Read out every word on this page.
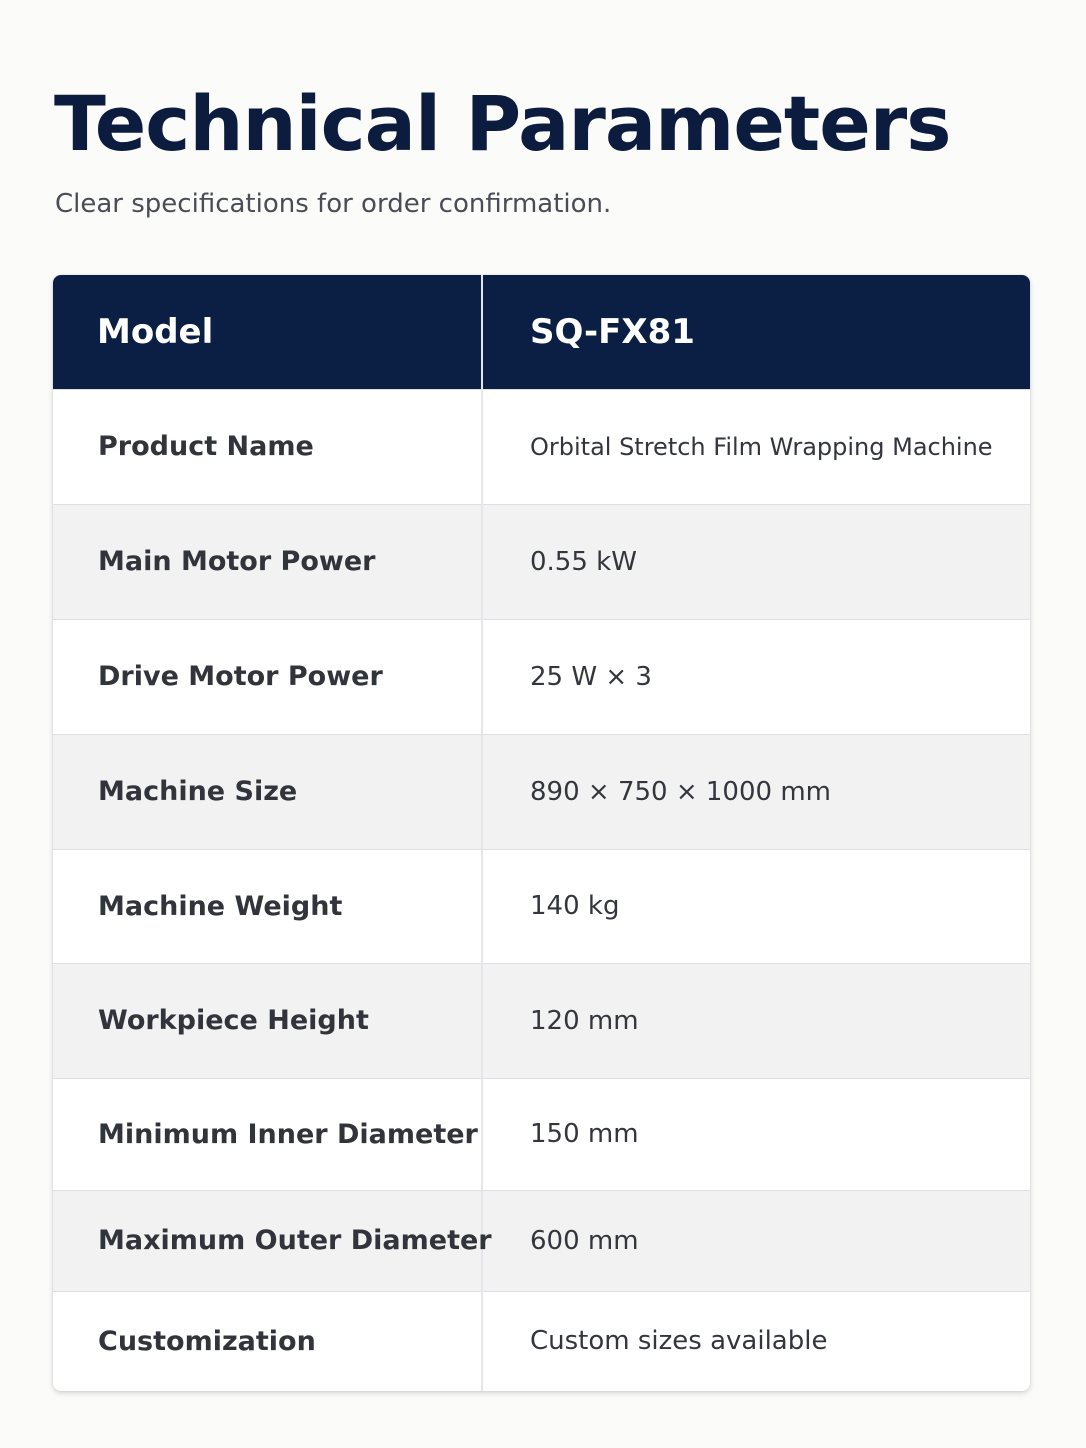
Technical Parameters

Clear specifications for order confirmation.

Model	SQ-FX81
Product Name	Orbital Stretch Film Wrapping Machine
Main Motor Power	0.55 kW
Drive Motor Power	25 W × 3
Machine Size	890 × 750 × 1000 mm
Machine Weight	140 kg
Workpiece Height	120 mm
Minimum Inner Diameter	150 mm
Maximum Outer Diameter	600 mm
Customization	Custom sizes available
